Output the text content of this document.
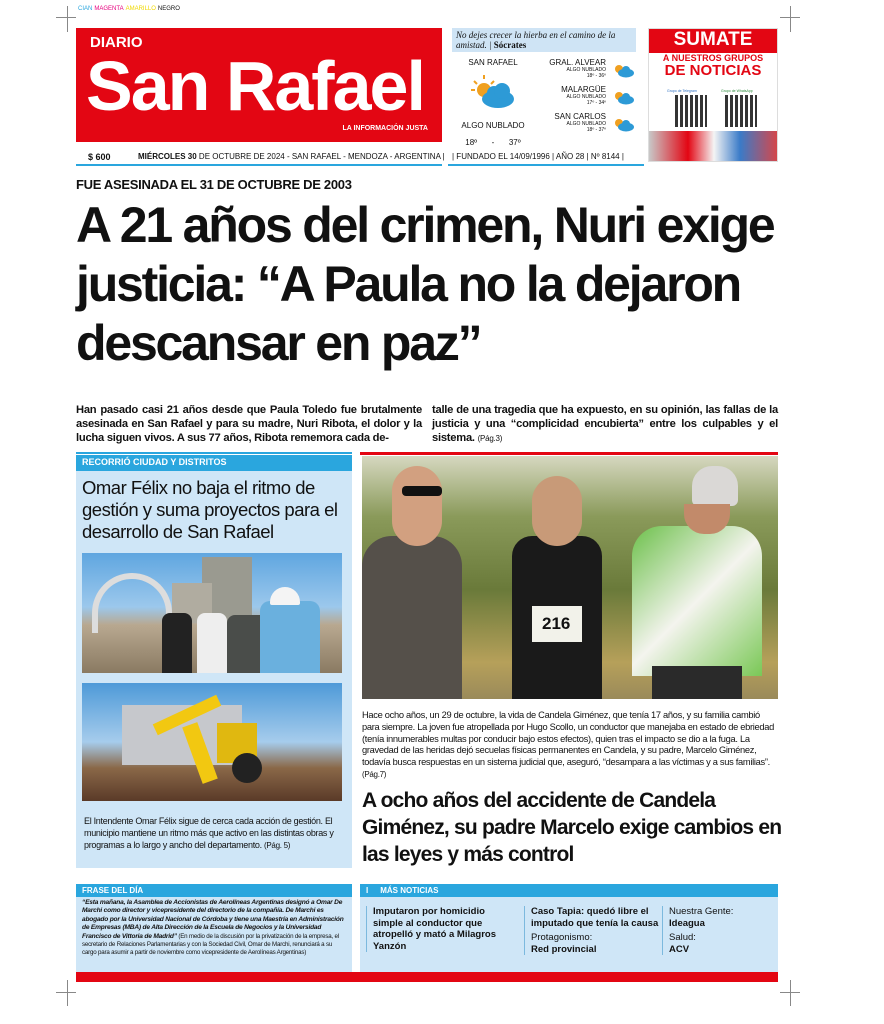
CIAN MAGENTA AMARILLO NEGRO
DIARIO
San Rafael
LA INFORMACIÓN JUSTA
No dejes crecer la hierba en el camino de la amistad. | Sócrates
SAN RAFAEL
ALGO NUBLADO
18º - 37º
GRAL. ALVEAR
ALGO NUBLADO
18º - 36º
MALARGÜE
ALGO NUBLADO
17º - 34º
SAN CARLOS
ALGO NUBLADO
18º - 37º
SUMATE
A NUESTROS GRUPOS
DE NOTICIAS
Grupo de Telegram	Grupo de WhatsApp
$ 600	MIÉRCOLES 30 DE OCTUBRE DE 2024 - SAN RAFAEL - MENDOZA - ARGENTINA | | FUNDADO EL 14/09/1996 | AÑO 28 | Nº 8144 |
FUE ASESINADA EL 31 DE OCTUBRE DE 2003
A 21 años del crimen, Nuri exige justicia: “A Paula no la dejaron descansar en paz”
Han pasado casi 21 años desde que Paula Toledo fue brutalmente asesinada en San Rafael y para su madre, Nuri Ribota, el dolor y la lucha siguen vivos. A sus 77 años, Ribota rememora cada de-
talle de una tragedia que ha expuesto, en su opinión, las fallas de la justicia y una “complicidad encubierta” entre los culpables y el sistema. (Pág.3)
RECORRIÓ CIUDAD Y DISTRITOS
Omar Félix no baja el ritmo de gestión y suma proyectos para el desarrollo de San Rafael
El Intendente Omar Félix sigue de cerca cada acción de gestión. El municipio mantiene un ritmo más que activo en las distintas obras y programas a lo largo y ancho del departamento. (Pág. 5)
216
Hace ocho años, un 29 de octubre, la vida de Candela Giménez, que tenía 17 años, y su familia cambió para siempre. La joven fue atropellada por Hugo Scollo, un conductor que manejaba en estado de ebriedad (tenía innumerables multas por conducir bajo estos efectos), quien tras el impacto se dio a la fuga. La gravedad de las heridas dejó secuelas físicas permanentes en Candela, y su padre, Marcelo Giménez, todavía busca respuestas en un sistema judicial que, aseguró, “desampara a las víctimas y a sus familias”.(Pág.7)
A ocho años del accidente de Candela Giménez, su padre Marcelo exige cambios en las leyes y más control
FRASE DEL DÍA
“Esta mañana, la Asamblea de Accionistas de Aerolíneas Argentinas designó a Omar De Marchi como director y vicepresidente del directorio de la compañía. De Marchi es abogado por la Universidad Nacional de Córdoba y tiene una Maestría en Administración de Empresas (MBA) de Alta Dirección de la Escuela de Negocios y la Universidad Francisco de Vittoria de Madrid” (En medio de la discusión por la privatización de la empresa, el secretario de Relaciones Parlamentarias y con la Sociedad Civil, Omar de Marchi, renunciará a su cargo para asumir a partir de noviembre como vicepresidente de Aerolíneas Argentinas)
I MÁS NOTICIAS
Imputaron por homicidio simple al conductor que atropelló y mató a Milagros Yanzón
Caso Tapia: quedó libre el imputado que tenía la causa
Protagonismo:
Red provincial
Nuestra Gente:
Ideagua
Salud:
ACV
